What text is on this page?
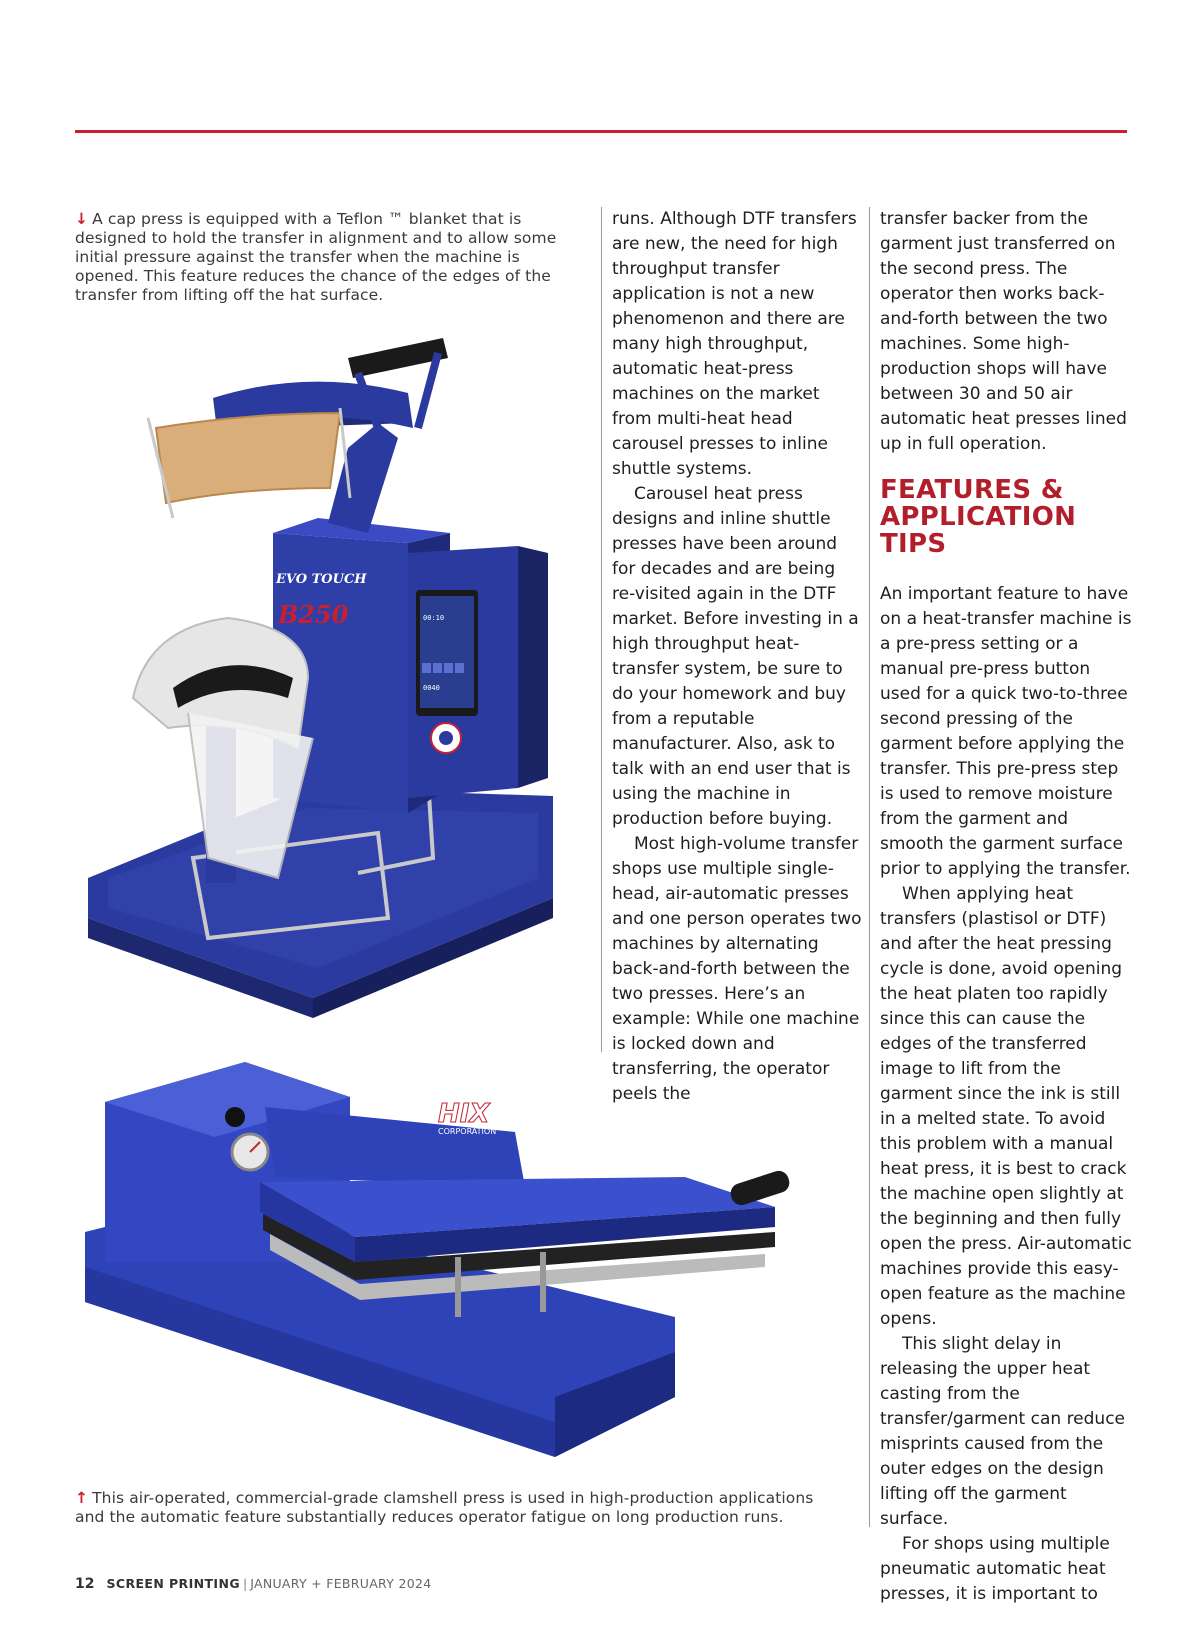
↓ A cap press is equipped with a Teflon ™ blanket that is designed to hold the transfer in alignment and to allow some initial pressure against the transfer when the machine is opened. This feature reduces the chance of the edges of the transfer from lifting off the hat surface.
00:10
0040
EVO TOUCH
B250
HIX
CORPORATION
↑ This air-operated, commercial-grade clamshell press is used in high-production applications and the automatic feature substantially reduces operator fatigue on long production runs.

runs. Although DTF transfers are new, the need for high throughput transfer application is not a new phenomenon and there are many high throughput, automatic heat-press machines on the market from multi-heat head carousel presses to inline shuttle systems.

Carousel heat press designs and inline shuttle presses have been around for decades and are being re-visited again in the DTF market. Before investing in a high throughput heat-transfer system, be sure to do your homework and buy from a reputable manufacturer. Also, ask to talk with an end user that is using the machine in production before buying.

Most high-volume transfer shops use multiple single-head, air-automatic presses and one person operates two machines by alternating back-and-forth between the two presses. Here’s an example: While one machine is locked down and transferring, the operator peels the

transfer backer from the garment just transferred on the second press. The operator then works back-and-forth between the two machines. Some high-production shops will have between 30 and 50 air automatic heat presses lined up in full operation.

FEATURES & APPLICATION TIPS

An important feature to have on a heat-transfer machine is a pre-press setting or a manual pre-press button used for a quick two-to-three second pressing of the garment before applying the transfer. This pre-press step is used to remove moisture from the garment and smooth the garment surface prior to applying the transfer.

When applying heat transfers (plastisol or DTF) and after the heat pressing cycle is done, avoid opening the heat platen too rapidly since this can cause the edges of the transferred image to lift from the garment since the ink is still in a melted state. To avoid this problem with a manual heat press, it is best to crack the machine open slightly at the beginning and then fully open the press. Air-automatic machines provide this easy-open feature as the machine opens.

This slight delay in releasing the upper heat casting from the transfer/garment can reduce misprints caused from the outer edges on the design lifting off the garment surface.

For shops using multiple pneumatic automatic heat presses, it is important to

12 SCREEN PRINTING | JANUARY + FEBRUARY 2024
